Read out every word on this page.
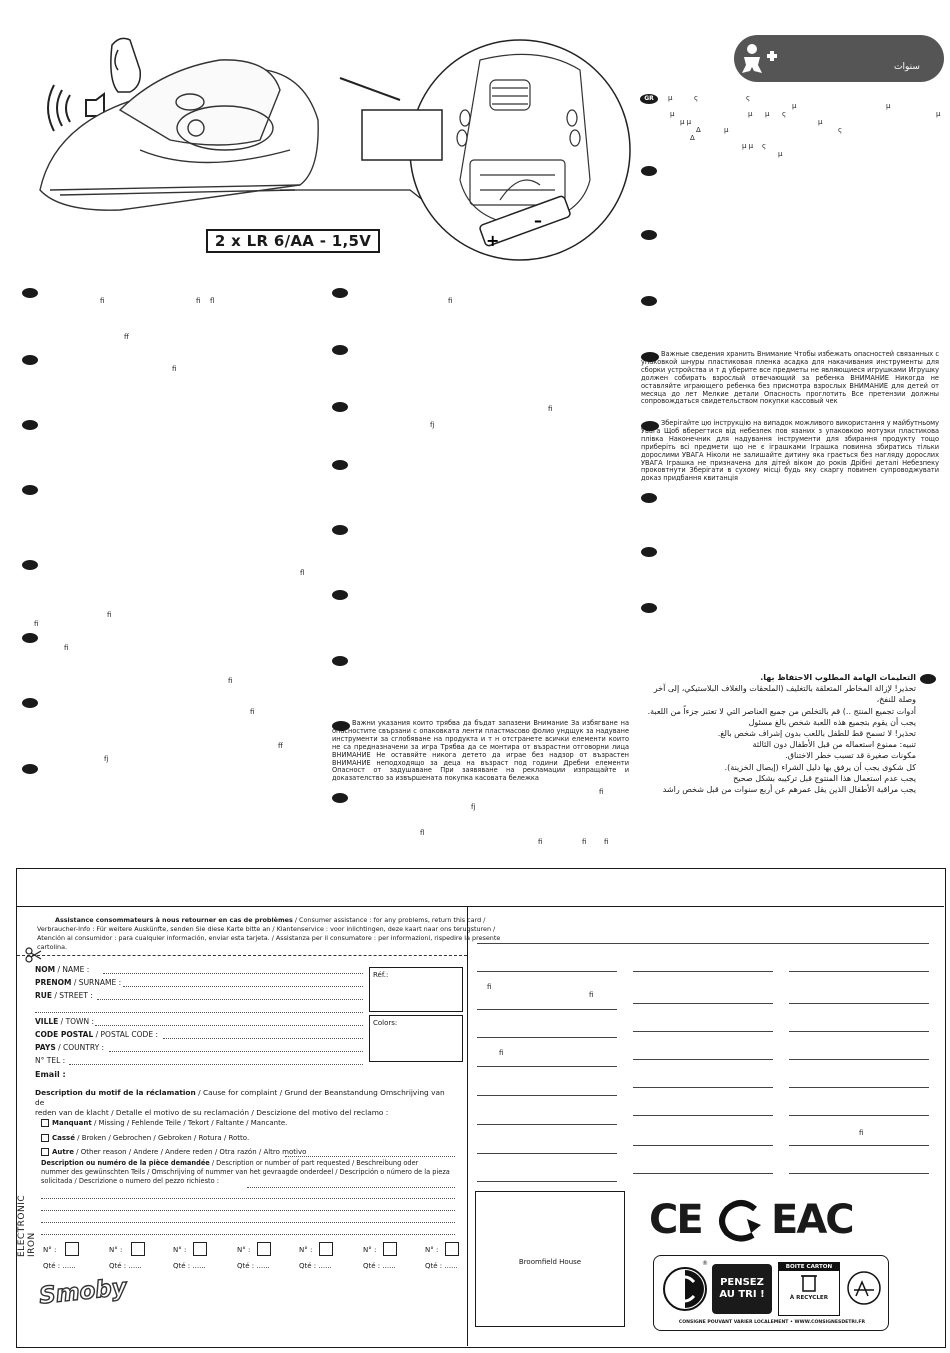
+
–
2 x LR 6/AA - 1,5V
سنوات
GR	μ	ς	ς
μ
μ	μ
μ μ ς	μ
μ μ	μ
Δ	μ	ς
Δ
μ μ ς
μ
Важные сведения хранить Внимание Чтобы избежать опасностей связанных с упаковкой шнуры пластиковая пленка асадка для накачивания инструменты для сборки устройства и т д уберите все предметы не являющиеся игрушками Игрушку должен собирать взрослый отвечающий за ребенка ВНИМАНИЕ Никогда не оставляйте играющего ребенка без присмотра взрослых ВНИМАНИЕ для детей от месяца до лет Мелкие детали Опасность проглотить Все претензии должны сопровождаться свидетельством покупки кассовый чек
Зберігайте цю інструкцію на випадок можливого використання у майбутньому Увага Щоб вберегтися від небезпек пов язаних з упаковкою мотузки пластикова плівка Наконечник для надування інструменти для збирання продукту тощо приберіть всі предмети що не є іграшками Іграшка повинна збиратись тільки дорослими УВАГА Ніколи не залишайте дитину яка грається без нагляду дорослих УВАГА Іграшка не призначена для дітей віком до років Дрібні деталі Небезпеку проковтнути Зберігати в сухому місці будь яку скаргу повинен супроводжувати доказ придбання квитанція
التعليمات الهامة المطلوب الاحتفاظ بها.
تحذير! لإزالة المخاطر المتعلقة بالتغليف (الملحقات والغلاف البلاستيكي، إلى آخر وصلة للنفخ،
أدوات تجميع المنتج ..) قم بالتخلص من جميع العناصر التي لا تعتبر جزءاً من اللعبة.
يجب أن يقوم بتجميع هذه اللعبة شخص بالغ مسئول
تحذير! لا تسمح قط للطفل باللعب بدون إشراف شخص بالغ.
تنبيه: ممنوع استعماله من قبل الأطفال دون الثالثة
مكونات صغيرة قد تسبب خطر الاختناق.
كل شكوى يجب أن يرفق بها دليل الشراء (إيصال الخزينة).
يجب عدم استعمال هذا المنتوج قبل تركيبه بشكل صحيح
يجب مراقبة الأطفال الذين يقل عمرهم عن أربع سنوات من قبل شخص راشد
Важни указания които трябва да бъдат запазени Внимание За избягване на опасностите свързани с опаковката ленти пластмасово фолио ундщук за надуване инструменти за сглобяване на продукта и т н отстранете всички елементи които не са предназначени за игра Трябва да се монтира от възрастни отговорни лица ВНИМАНИЕ Не оставяйте никога детето да играе без надзор от възрастен ВНИМАНИЕ неподходящо за деца на възраст под години Дребни елементи Опасност от задушаване При заявяване на рекламации изпращайте и доказателство за извършената покупка касовата бележка
fi	fi
ff
fl
fi
fl
fi
fi
fi
fi
fi
ff
fj
fi
fi
fj
fj
fi
fl
fi	fi	fi
Assistance consommateurs à nous retourner en cas de problèmes / Consumer assistance : for any problems, return this card /
Verbraucher-Info : Für weitere Auskünfte, senden Sie diese Karte bitte an / Klantenservice : voor inlichtingen, deze kaart naar ons terugsturen /
Atención al consumidor : para cualquier información, enviar esta tarjeta. / Assistanza per il consumatore : per informazioni, rispedire la presente cartolina.
NOM / NAME :
PRENOM / SURNAME :
RUE / STREET :
VILLE / TOWN :
CODE POSTAL / POSTAL CODE :
PAYS / COUNTRY :
N° TEL :
Email :
Réf.:
Colors:
Description du motif de la réclamation / Cause for complaint / Grund der Beanstandung Omschrijving van de
reden van de klacht / Detalle el motivo de su reclamación / Descizione del motivo del reclamo :
Manquant / Missing / Fehlende Teile / Tekort / Faltante / Mancante.
Cassé / Broken / Gebrochen / Gebroken / Rotura / Rotto.
Autre / Other reason / Andere / Andere reden / Otra razón / Altro motivo
Description ou numéro de la pièce demandée / Description or number of part requested / Beschreibung oder
nummer des gewünschten Teils / Omschrijving of nummer van het gevraagde onderdeel / Descripción o número de la pieza
solicitada / Descrizione o numero del pezzo richiesto :
ELECTRONIC IRON N° :	N° :	N° :	N° :	N° :	N° :	N° :
Qté : ......	Qté : ......	Qté : ......	Qté : ......	Qté : ......	Qté : ......	Qté : ......
Smoby
fi
fi
fi
fi
Broomfield House
CE EAC
®
PENSEZ
AU TRI !
BOITE CARTON
À RECYCLER
CONSIGNE POUVANT VARIER LOCALEMENT • WWW.CONSIGNESDETRI.FR
